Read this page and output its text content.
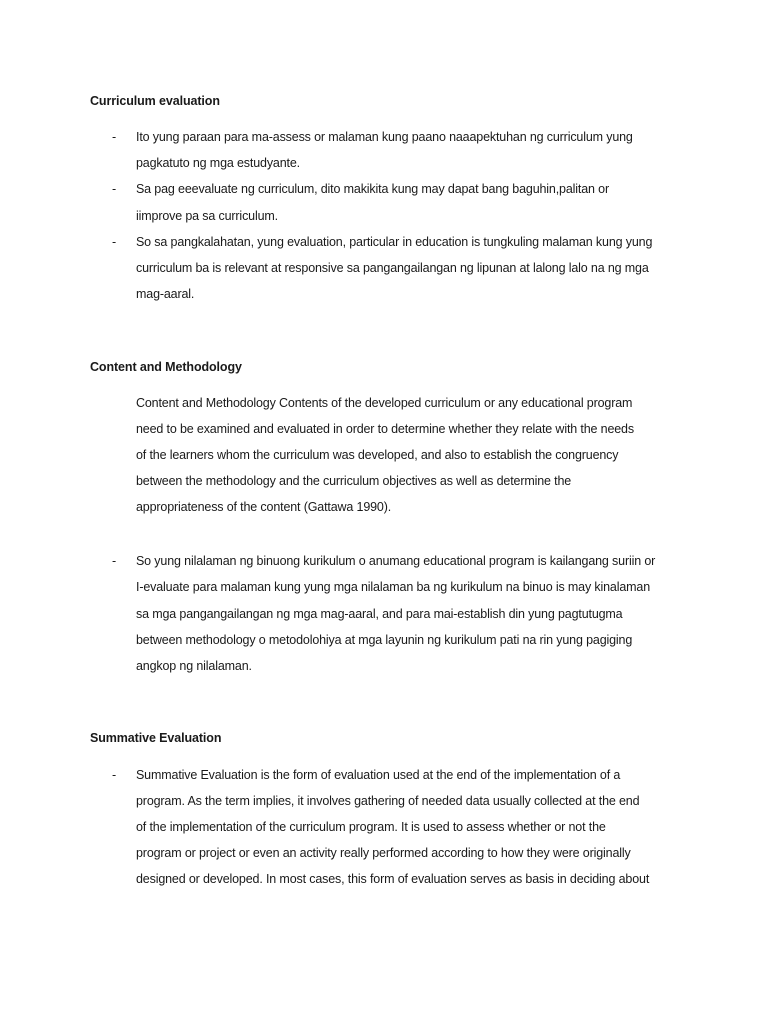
Curriculum evaluation
- Ito yung paraan para ma-assess or malaman kung paano naaapektuhan ng curriculum yung
pagkatuto ng mga estudyante.
- Sa pag eeevaluate ng curriculum, dito makikita kung may dapat bang baguhin,palitan or
iimprove pa sa curriculum.
- So sa pangkalahatan, yung evaluation, particular in education is tungkuling malaman kung yung
curriculum ba is relevant at responsive sa pangangailangan ng lipunan at lalong lalo na ng mga
mag-aaral.
Content and Methodology
Content and Methodology Contents of the developed curriculum or any educational program
need to be examined and evaluated in order to determine whether they relate with the needs
of the learners whom the curriculum was developed, and also to establish the congruency
between the methodology and the curriculum objectives as well as determine the
appropriateness of the content (Gattawa 1990).
- So yung nilalaman ng binuong kurikulum o anumang educational program is kailangang suriin or
I-evaluate para malaman kung yung mga nilalaman ba ng kurikulum na binuo is may kinalaman
sa mga pangangailangan ng mga mag-aaral, and para mai-establish din yung pagtutugma
between methodology o metodolohiya at mga layunin ng kurikulum pati na rin yung pagiging
angkop ng nilalaman.
Summative Evaluation
- Summative Evaluation is the form of evaluation used at the end of the implementation of a
program. As the term implies, it involves gathering of needed data usually collected at the end
of the implementation of the curriculum program. It is used to assess whether or not the
program or project or even an activity really performed according to how they were originally
designed or developed. In most cases, this form of evaluation serves as basis in deciding about
